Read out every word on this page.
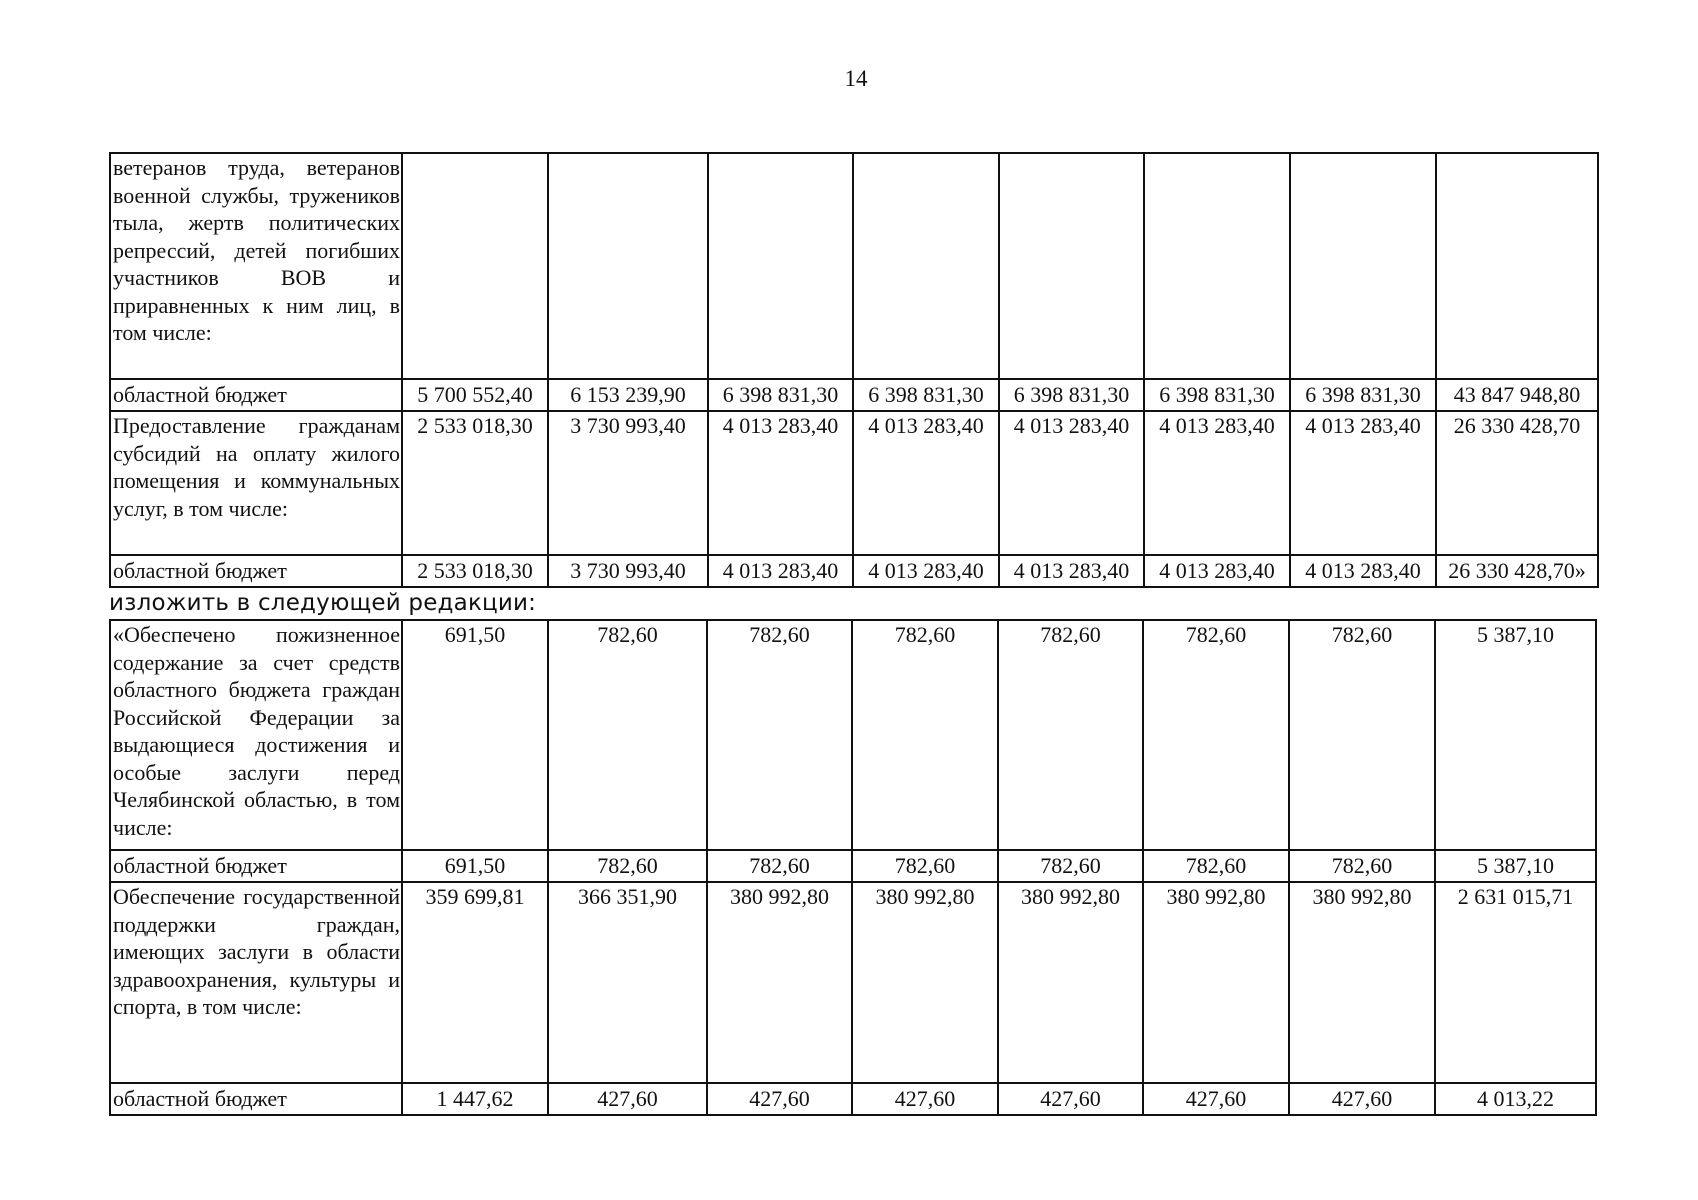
14
ветеранов труда, ветеранов военной службы, тружеников тыла, жертв политических репрессий, детей погибших участников ВОВ и приравненных к ним лиц, в том числе:								
областной бюджет	5 700 552,40	6 153 239,90	6 398 831,30	6 398 831,30	6 398 831,30	6 398 831,30	6 398 831,30	43 847 948,80
Предоставление гражданам субсидий на оплату жилого помещения и коммунальных услуг, в том числе:	2 533 018,30	3 730 993,40	4 013 283,40	4 013 283,40	4 013 283,40	4 013 283,40	4 013 283,40	26 330 428,70
областной бюджет	2 533 018,30	3 730 993,40	4 013 283,40	4 013 283,40	4 013 283,40	4 013 283,40	4 013 283,40	26 330 428,70»
изложить в следующей редакции:
«Обеспечено пожизненное содержание за счет средств областного бюджета граждан Российской Федерации за выдающиеся достижения и особые заслуги перед Челябинской областью, в том числе:	691,50	782,60	782,60	782,60	782,60	782,60	782,60	5 387,10
областной бюджет	691,50	782,60	782,60	782,60	782,60	782,60	782,60	5 387,10
Обеспечение государственной поддержки граждан, имеющих заслуги в области здравоохранения, культуры и спорта, в том числе:	359 699,81	366 351,90	380 992,80	380 992,80	380 992,80	380 992,80	380 992,80	2 631 015,71
областной бюджет	1 447,62	427,60	427,60	427,60	427,60	427,60	427,60	4 013,22
